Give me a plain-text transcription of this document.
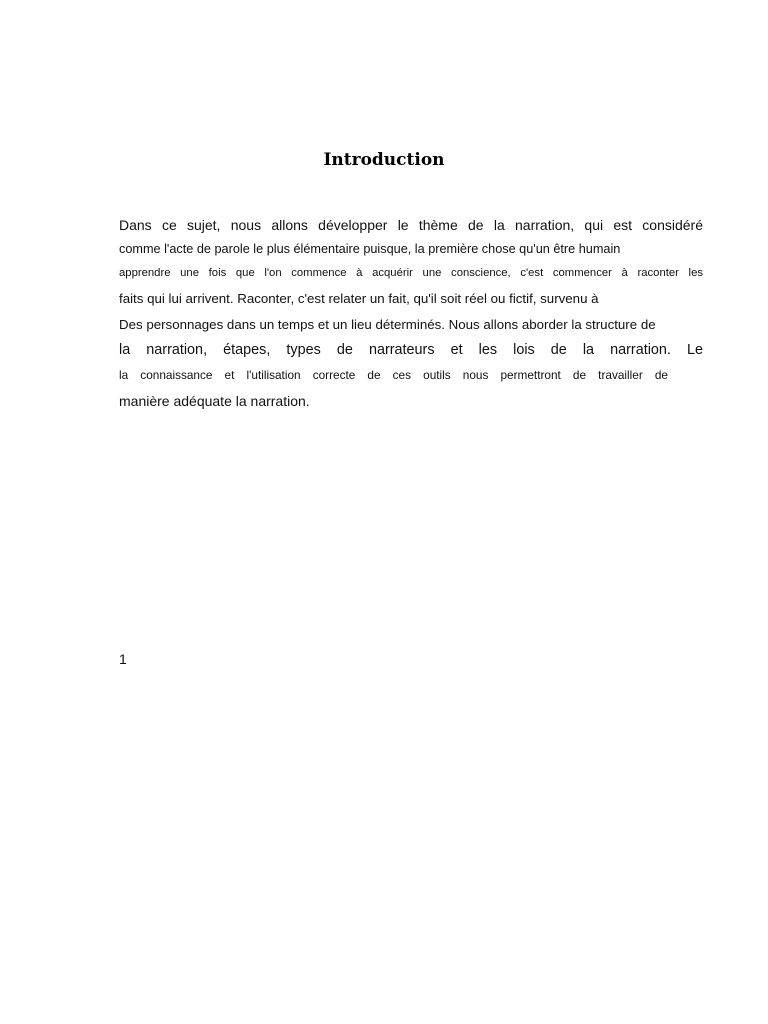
Introduction
Dans ce sujet, nous allons développer le thème de la narration, qui est considéré
comme l'acte de parole le plus élémentaire puisque, la première chose qu'un être humain
apprendre une fois que l'on commence à acquérir une conscience, c'est commencer à raconter les
faits qui lui arrivent. Raconter, c'est relater un fait, qu'il soit réel ou fictif, survenu à
Des personnages dans un temps et un lieu déterminés. Nous allons aborder la structure de
la narration, étapes, types de narrateurs et les lois de la narration. Le
la connaissance et l'utilisation correcte de ces outils nous permettront de travailler de
manière adéquate la narration.
1
